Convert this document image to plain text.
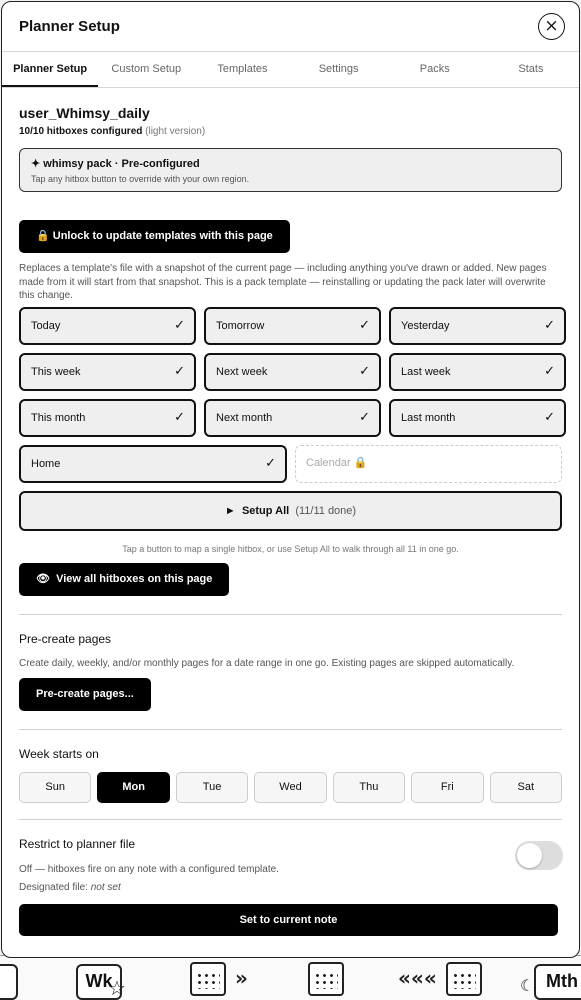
Wk
☆	»	«««	Mth
☾
Planner Setup	×
Planner Setup	Custom Setup	Templates	Settings	Packs	Stats
user_Whimsy_daily
10/10 hitboxes configured (light version)
✦ whimsy pack · Pre-configured
Tap any hitbox button to override with your own region.
🔒 Unlock to update templates with this page
Replaces a template's file with a snapshot of the current page — including anything you've drawn or added. New pages made from it will start from that snapshot. This is a pack template — reinstalling or updating the pack later will overwrite this change.
Today	✓	Tomorrow	✓	Yesterday	✓
This week	✓	Next week	✓	Last week	✓
This month	✓	Next month	✓	Last month	✓
Home	✓	Calendar 🔒
► Setup All (11/11 done)
Tap a button to map a single hitbox, or use Setup All to walk through all 11 in one go.
👁 View all hitboxes on this page
Pre-create pages
Create daily, weekly, and/or monthly pages for a date range in one go. Existing pages are skipped automatically.
Pre-create pages...
Week starts on
Sun	Mon	Tue	Wed	Thu	Fri	Sat
Restrict to planner file
Off — hitboxes fire on any note with a configured template.
Designated file: not set
Set to current note
